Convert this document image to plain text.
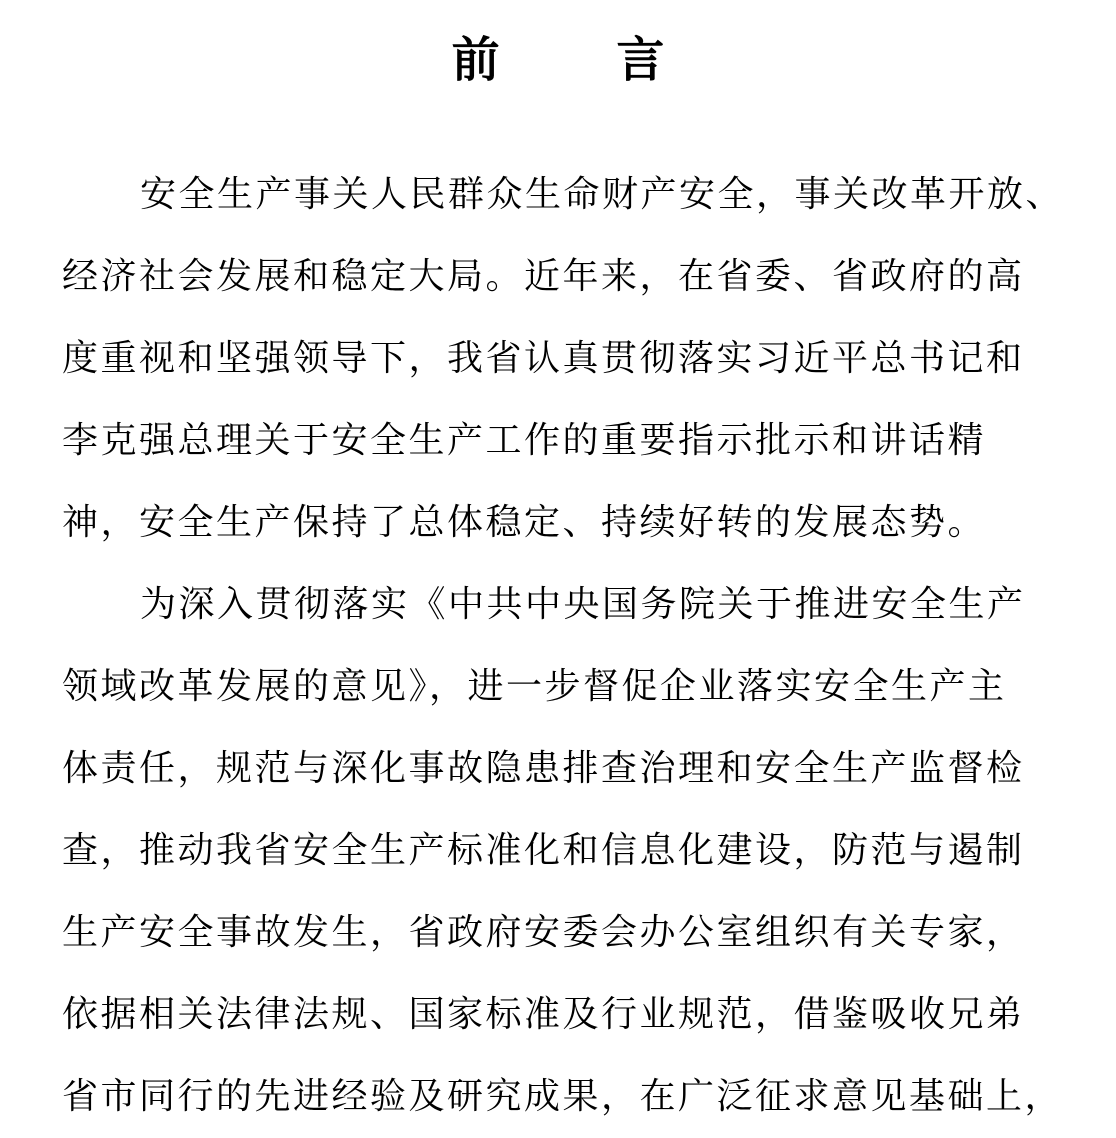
前 言
安全生产事关人民群众生命财产安全，事关改革开放、
经济社会发展和稳定大局。近年来，在省委、省政府的高
度重视和坚强领导下，我省认真贯彻落实习近平总书记和
李克强总理关于安全生产工作的重要指示批示和讲话精
神，安全生产保持了总体稳定、持续好转的发展态势。
为深入贯彻落实《中共中央国务院关于推进安全生产
领域改革发展的意见》，进一步督促企业落实安全生产主
体责任，规范与深化事故隐患排查治理和安全生产监督检
查，推动我省安全生产标准化和信息化建设，防范与遏制
生产安全事故发生，省政府安委会办公室组织有关专家，
依据相关法律法规、国家标准及行业规范，借鉴吸收兄弟
省市同行的先进经验及研究成果，在广泛征求意见基础上，
